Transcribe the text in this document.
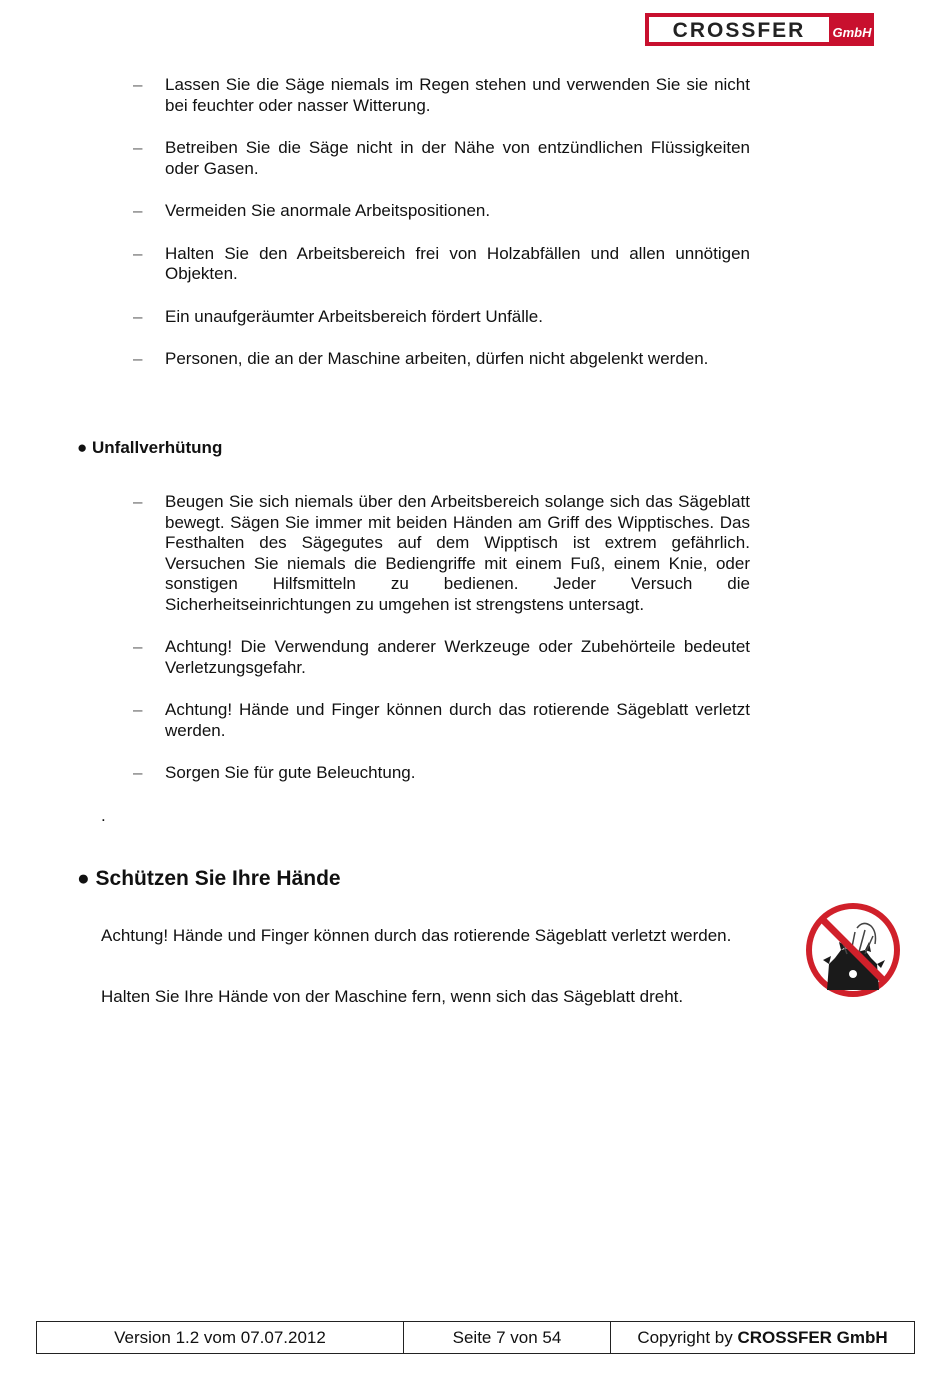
CROSSFER GmbH
– Lassen Sie die Säge niemals im Regen stehen und verwenden Sie sie nicht bei feuchter oder nasser Witterung.
– Betreiben Sie die Säge nicht in der Nähe von entzündlichen Flüssigkeiten oder Gasen.
– Vermeiden Sie anormale Arbeitspositionen.
– Halten Sie den Arbeitsbereich frei von Holzabfällen und allen unnötigen Objekten.
– Ein unaufgeräumter Arbeitsbereich fördert Unfälle.
– Personen, die an der Maschine arbeiten, dürfen nicht abgelenkt werden.
● Unfallverhütung
– Beugen Sie sich niemals über den Arbeitsbereich solange sich das Sägeblatt bewegt. Sägen Sie immer mit beiden Händen am Griff des Wipptisches. Das Festhalten des Sägegutes auf dem Wipptisch ist extrem gefährlich. Versuchen Sie niemals die Bediengriffe mit einem Fuß, einem Knie, oder sonstigen Hilfsmitteln zu bedienen. Jeder Versuch die Sicherheitseinrichtungen zu umgehen ist strengstens untersagt.
– Achtung! Die Verwendung anderer Werkzeuge oder Zubehörteile bedeutet Verletzungsgefahr.
– Achtung! Hände und Finger können durch das rotierende Sägeblatt verletzt werden.
– Sorgen Sie für gute Beleuchtung.
.
● Schützen Sie Ihre Hände
Achtung! Hände und Finger können durch das rotierende Sägeblatt verletzt werden.
Halten Sie Ihre Hände von der Maschine fern, wenn sich das Sägeblatt dreht.
Version 1.2 vom 07.07.2012	Seite 7 von 54	Copyright by CROSSFER GmbH
